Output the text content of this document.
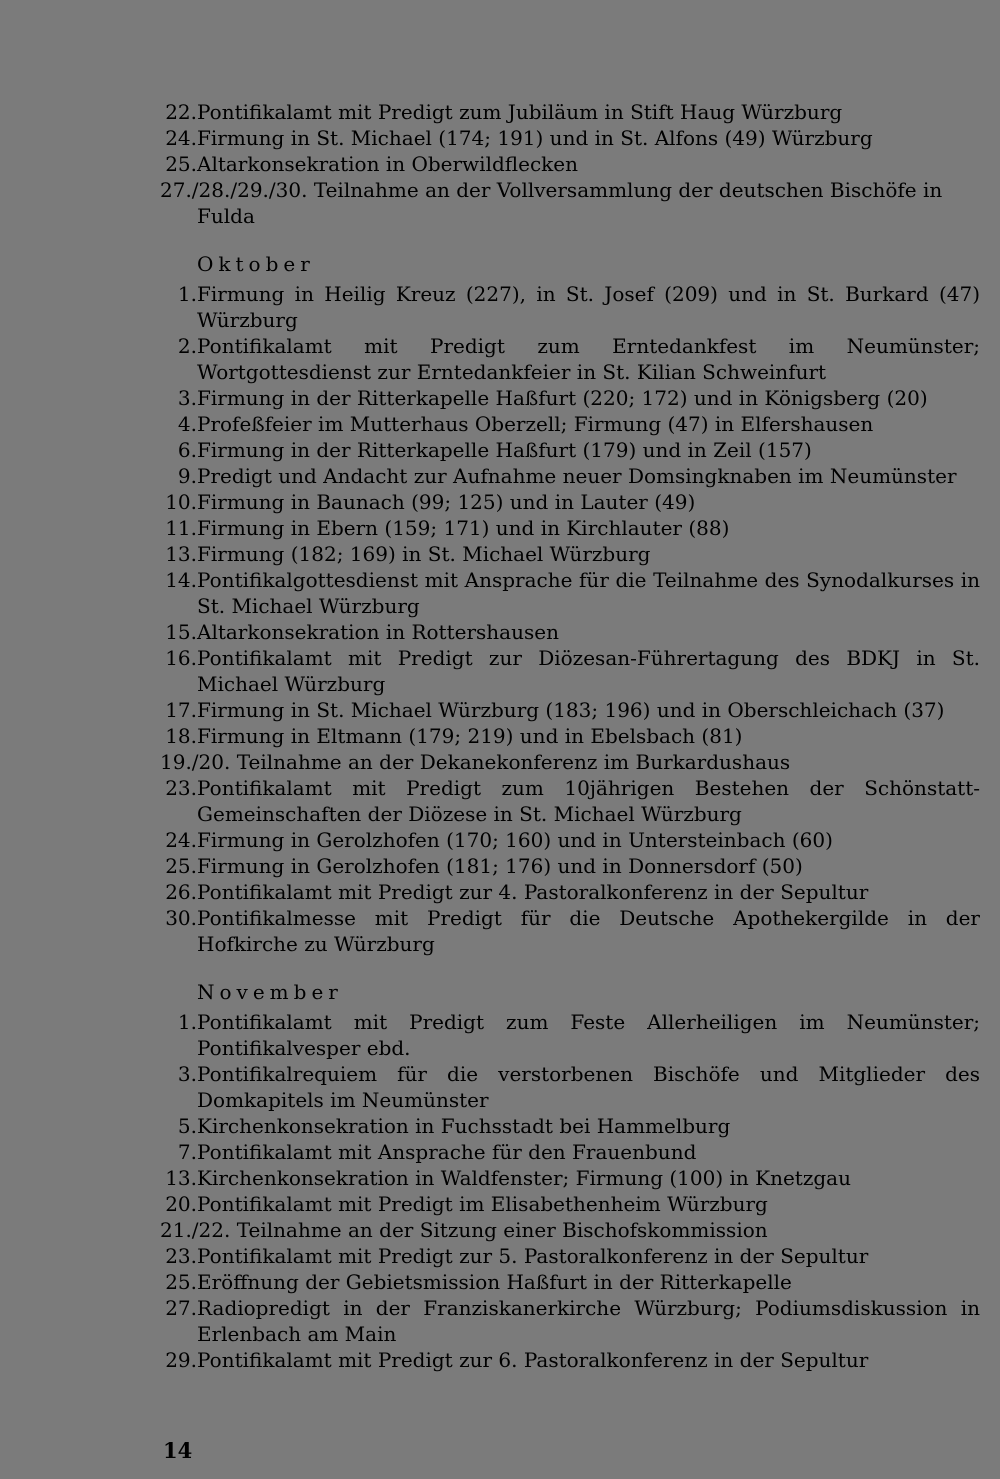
22. Pontifikalamt mit Predigt zum Jubiläum in Stift Haug Würzburg
24. Firmung in St. Michael (174; 191) und in St. Alfons (49) Würzburg
25. Altarkonsekration in Oberwildflecken
27./28./29./30. Teilnahme an der Vollversammlung der deutschen Bischöfe in Fulda
Oktober
1. Firmung in Heilig Kreuz (227), in St. Josef (209) und in St. Burkard (47) Würzburg
2. Pontifikalamt mit Predigt zum Erntedankfest im Neumünster; Wortgottesdienst zur Erntedankfeier in St. Kilian Schweinfurt
3. Firmung in der Ritterkapelle Haßfurt (220; 172) und in Königsberg (20)
4. Profeßfeier im Mutterhaus Oberzell; Firmung (47) in Elfershausen
6. Firmung in der Ritterkapelle Haßfurt (179) und in Zeil (157)
9. Predigt und Andacht zur Aufnahme neuer Domsingknaben im Neumünster
10. Firmung in Baunach (99; 125) und in Lauter (49)
11. Firmung in Ebern (159; 171) und in Kirchlauter (88)
13. Firmung (182; 169) in St. Michael Würzburg
14. Pontifikalgottesdienst mit Ansprache für die Teilnahme des Synodalkurses in St. Michael Würzburg
15. Altarkonsekration in Rottershausen
16. Pontifikalamt mit Predigt zur Diözesan-Führertagung des BDKJ in St. Michael Würzburg
17. Firmung in St. Michael Würzburg (183; 196) und in Oberschleichach (37)
18. Firmung in Eltmann (179; 219) und in Ebelsbach (81)
19./20. Teilnahme an der Dekanekonferenz im Burkardushaus
23. Pontifikalamt mit Predigt zum 10jährigen Bestehen der Schönstatt-Gemeinschaften der Diözese in St. Michael Würzburg
24. Firmung in Gerolzhofen (170; 160) und in Untersteinbach (60)
25. Firmung in Gerolzhofen (181; 176) und in Donnersdorf (50)
26. Pontifikalamt mit Predigt zur 4. Pastoralkonferenz in der Sepultur
30. Pontifikalmesse mit Predigt für die Deutsche Apothekergilde in der Hofkirche zu Würzburg
November
1. Pontifikalamt mit Predigt zum Feste Allerheiligen im Neumünster; Pontifikalvesper ebd.
3. Pontifikalrequiem für die verstorbenen Bischöfe und Mitglieder des Domkapitels im Neumünster
5. Kirchenkonsekration in Fuchsstadt bei Hammelburg
7. Pontifikalamt mit Ansprache für den Frauenbund
13. Kirchenkonsekration in Waldfenster; Firmung (100) in Knetzgau
20. Pontifikalamt mit Predigt im Elisabethenheim Würzburg
21./22. Teilnahme an der Sitzung einer Bischofskommission
23. Pontifikalamt mit Predigt zur 5. Pastoralkonferenz in der Sepultur
25. Eröffnung der Gebietsmission Haßfurt in der Ritterkapelle
27. Radiopredigt in der Franziskanerkirche Würzburg; Podiumsdiskussion in Erlenbach am Main
29. Pontifikalamt mit Predigt zur 6. Pastoralkonferenz in der Sepultur
14
